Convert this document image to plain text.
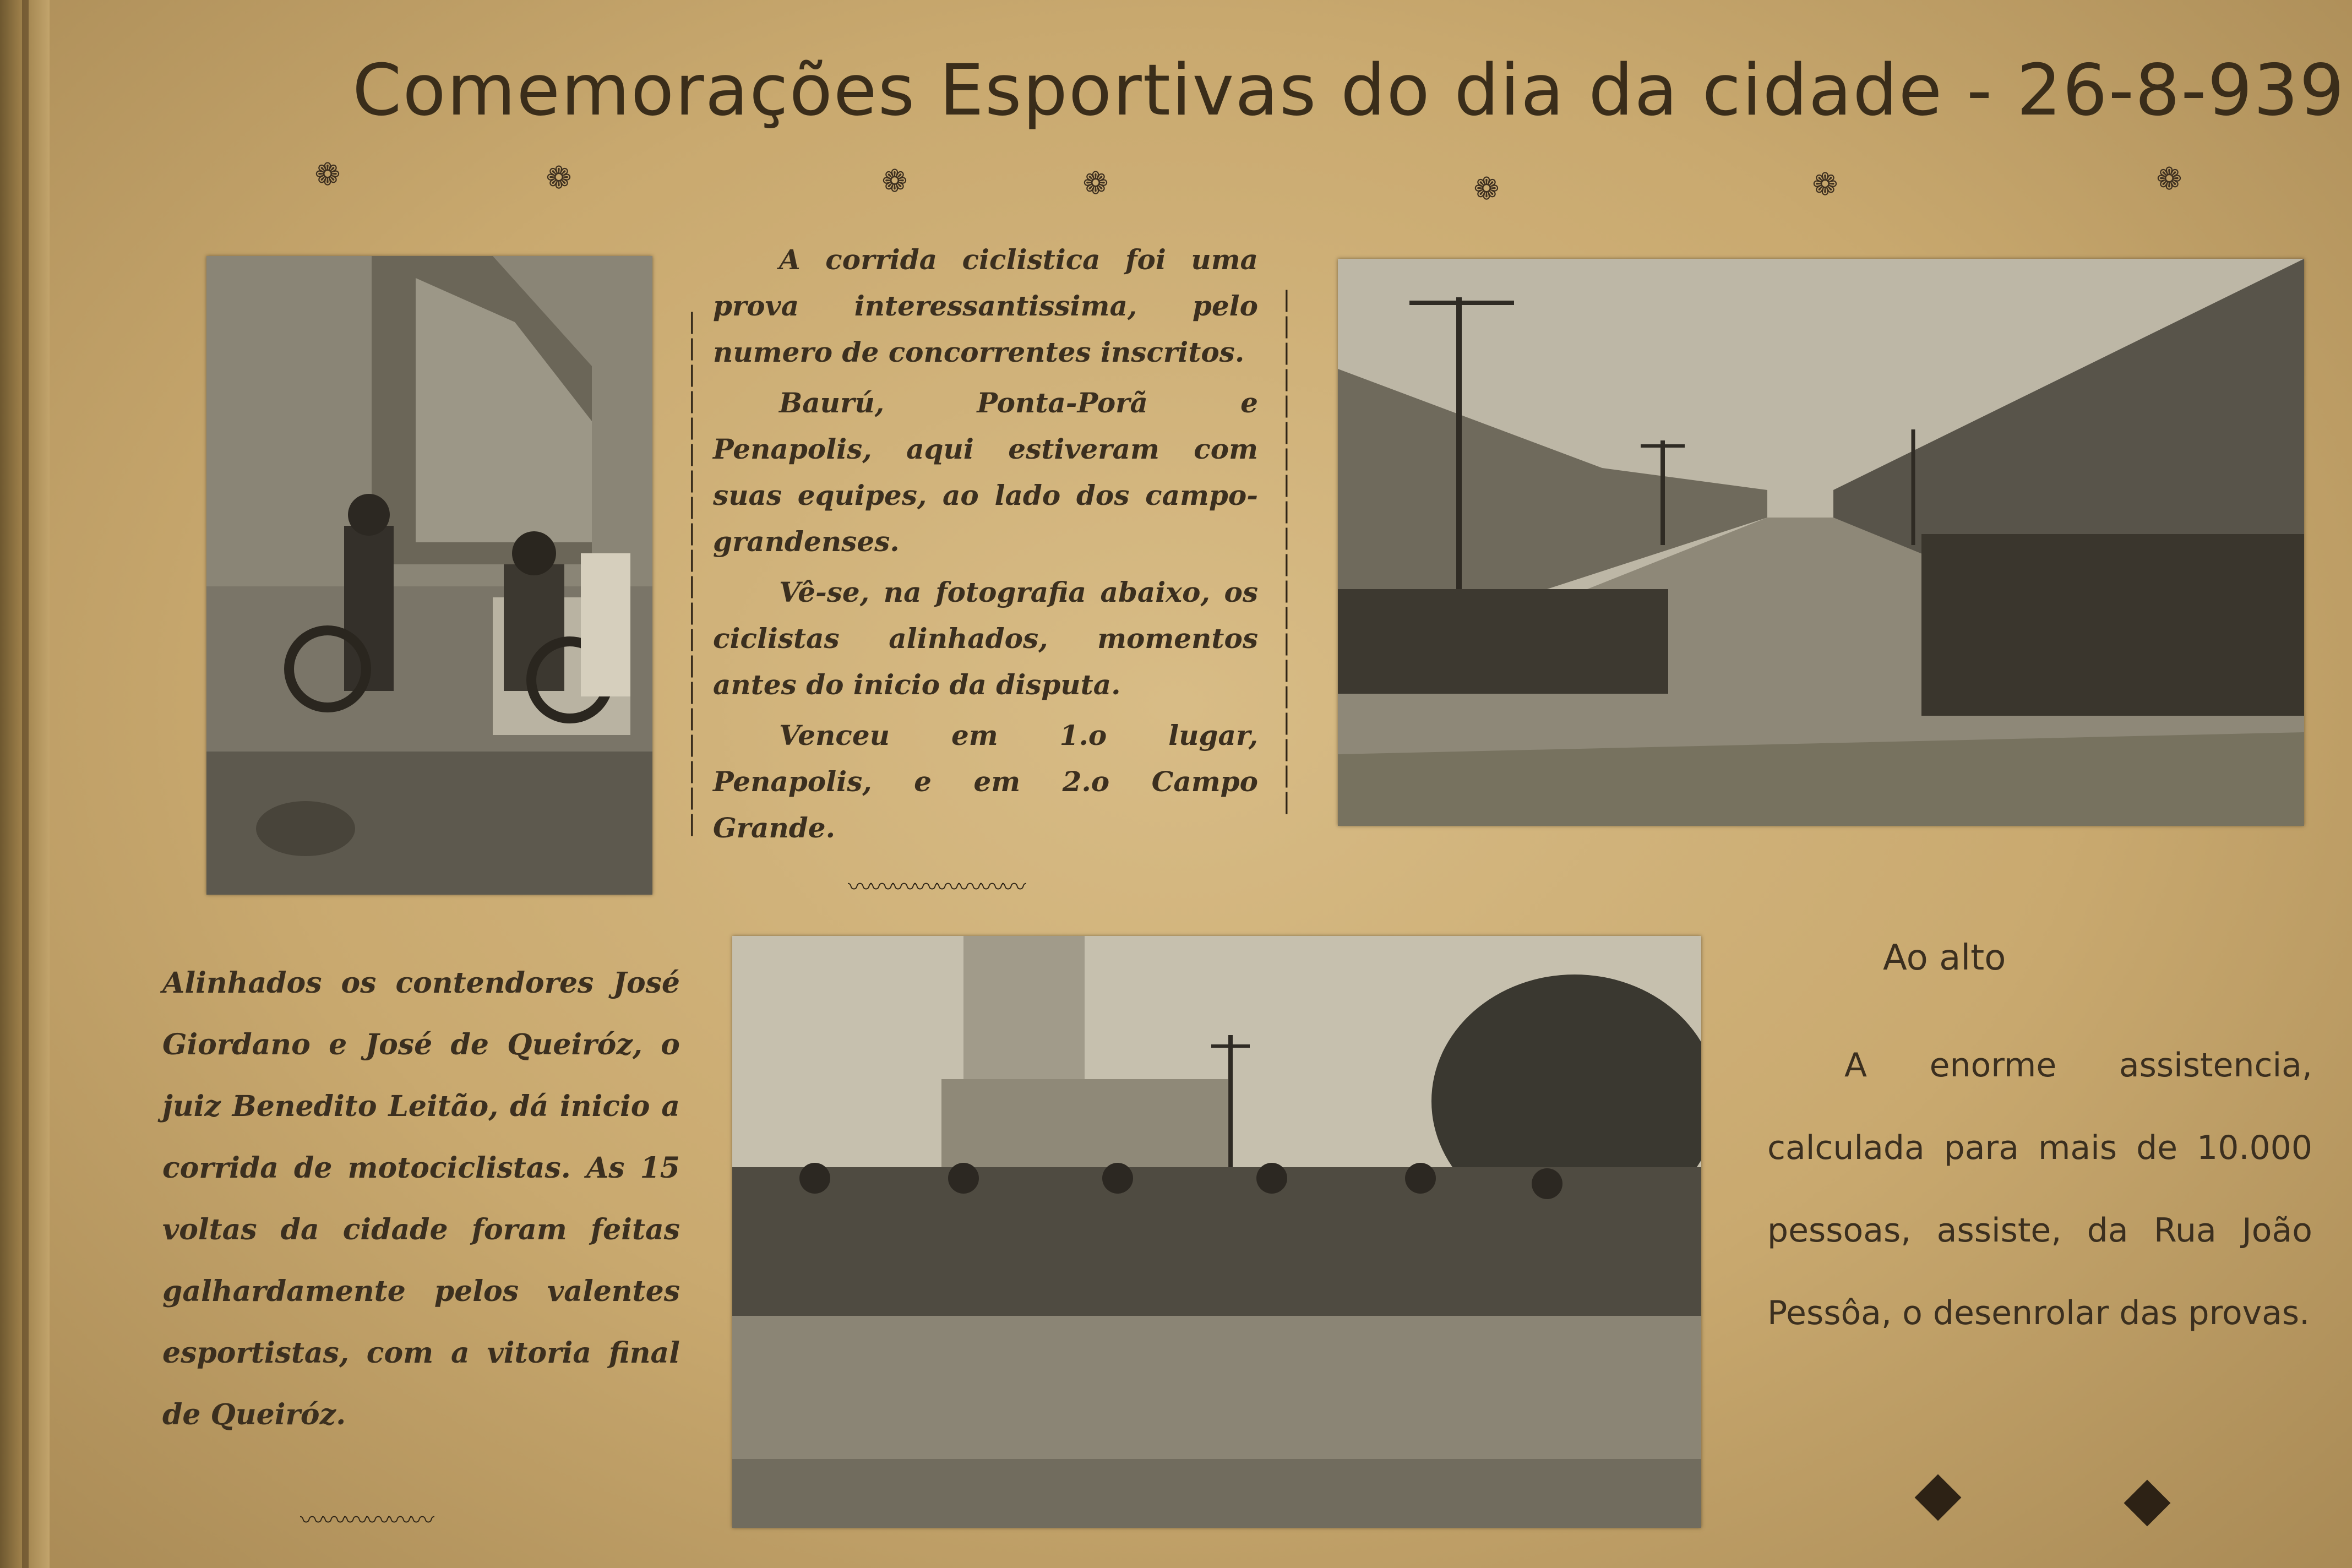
Comemorações Esportivas do dia da cidade - 26-8-939
❁	❁	❁	❁	❁	❁	❁

A corrida ciclistica foi uma prova interessantissima, pelo numero de concorrentes inscritos.

Baurú, Ponta-Porã e Penapolis, aqui estiveram com suas equipes, ao lado dos campo-grandenses.

Vê-se, na fotografia abaixo, os ciclistas alinhados, momentos antes do inicio da disputa.

Venceu em 1.o lugar, Penapolis, e em 2.o Campo Grande.

❘
❘
❘
❘
❘
❘
❘
❘
❘
❘
❘
❘
❘
❘
❘
❘
❘
❘
❘
❘
❘
❘
❘
❘
❘
❘
❘
❘
❘
❘
❘
❘
❘
❘
❘
❘
❘
❘
❘
❘
〰〰〰〰〰〰〰〰
Alinhados os contendores José Giordano e José de Queiróz, o juiz Benedito Leitão, dá inicio a corrida de motociclistas. As 15 voltas da cidade foram feitas galhardamente pelos valentes esportistas, com a vitoria final de Queiróz.
〰〰〰〰〰〰
Ao alto
A enorme assistencia, calculada para mais de 10.000 pessoas, assiste, da Rua João Pessôa, o desenrolar das provas.
